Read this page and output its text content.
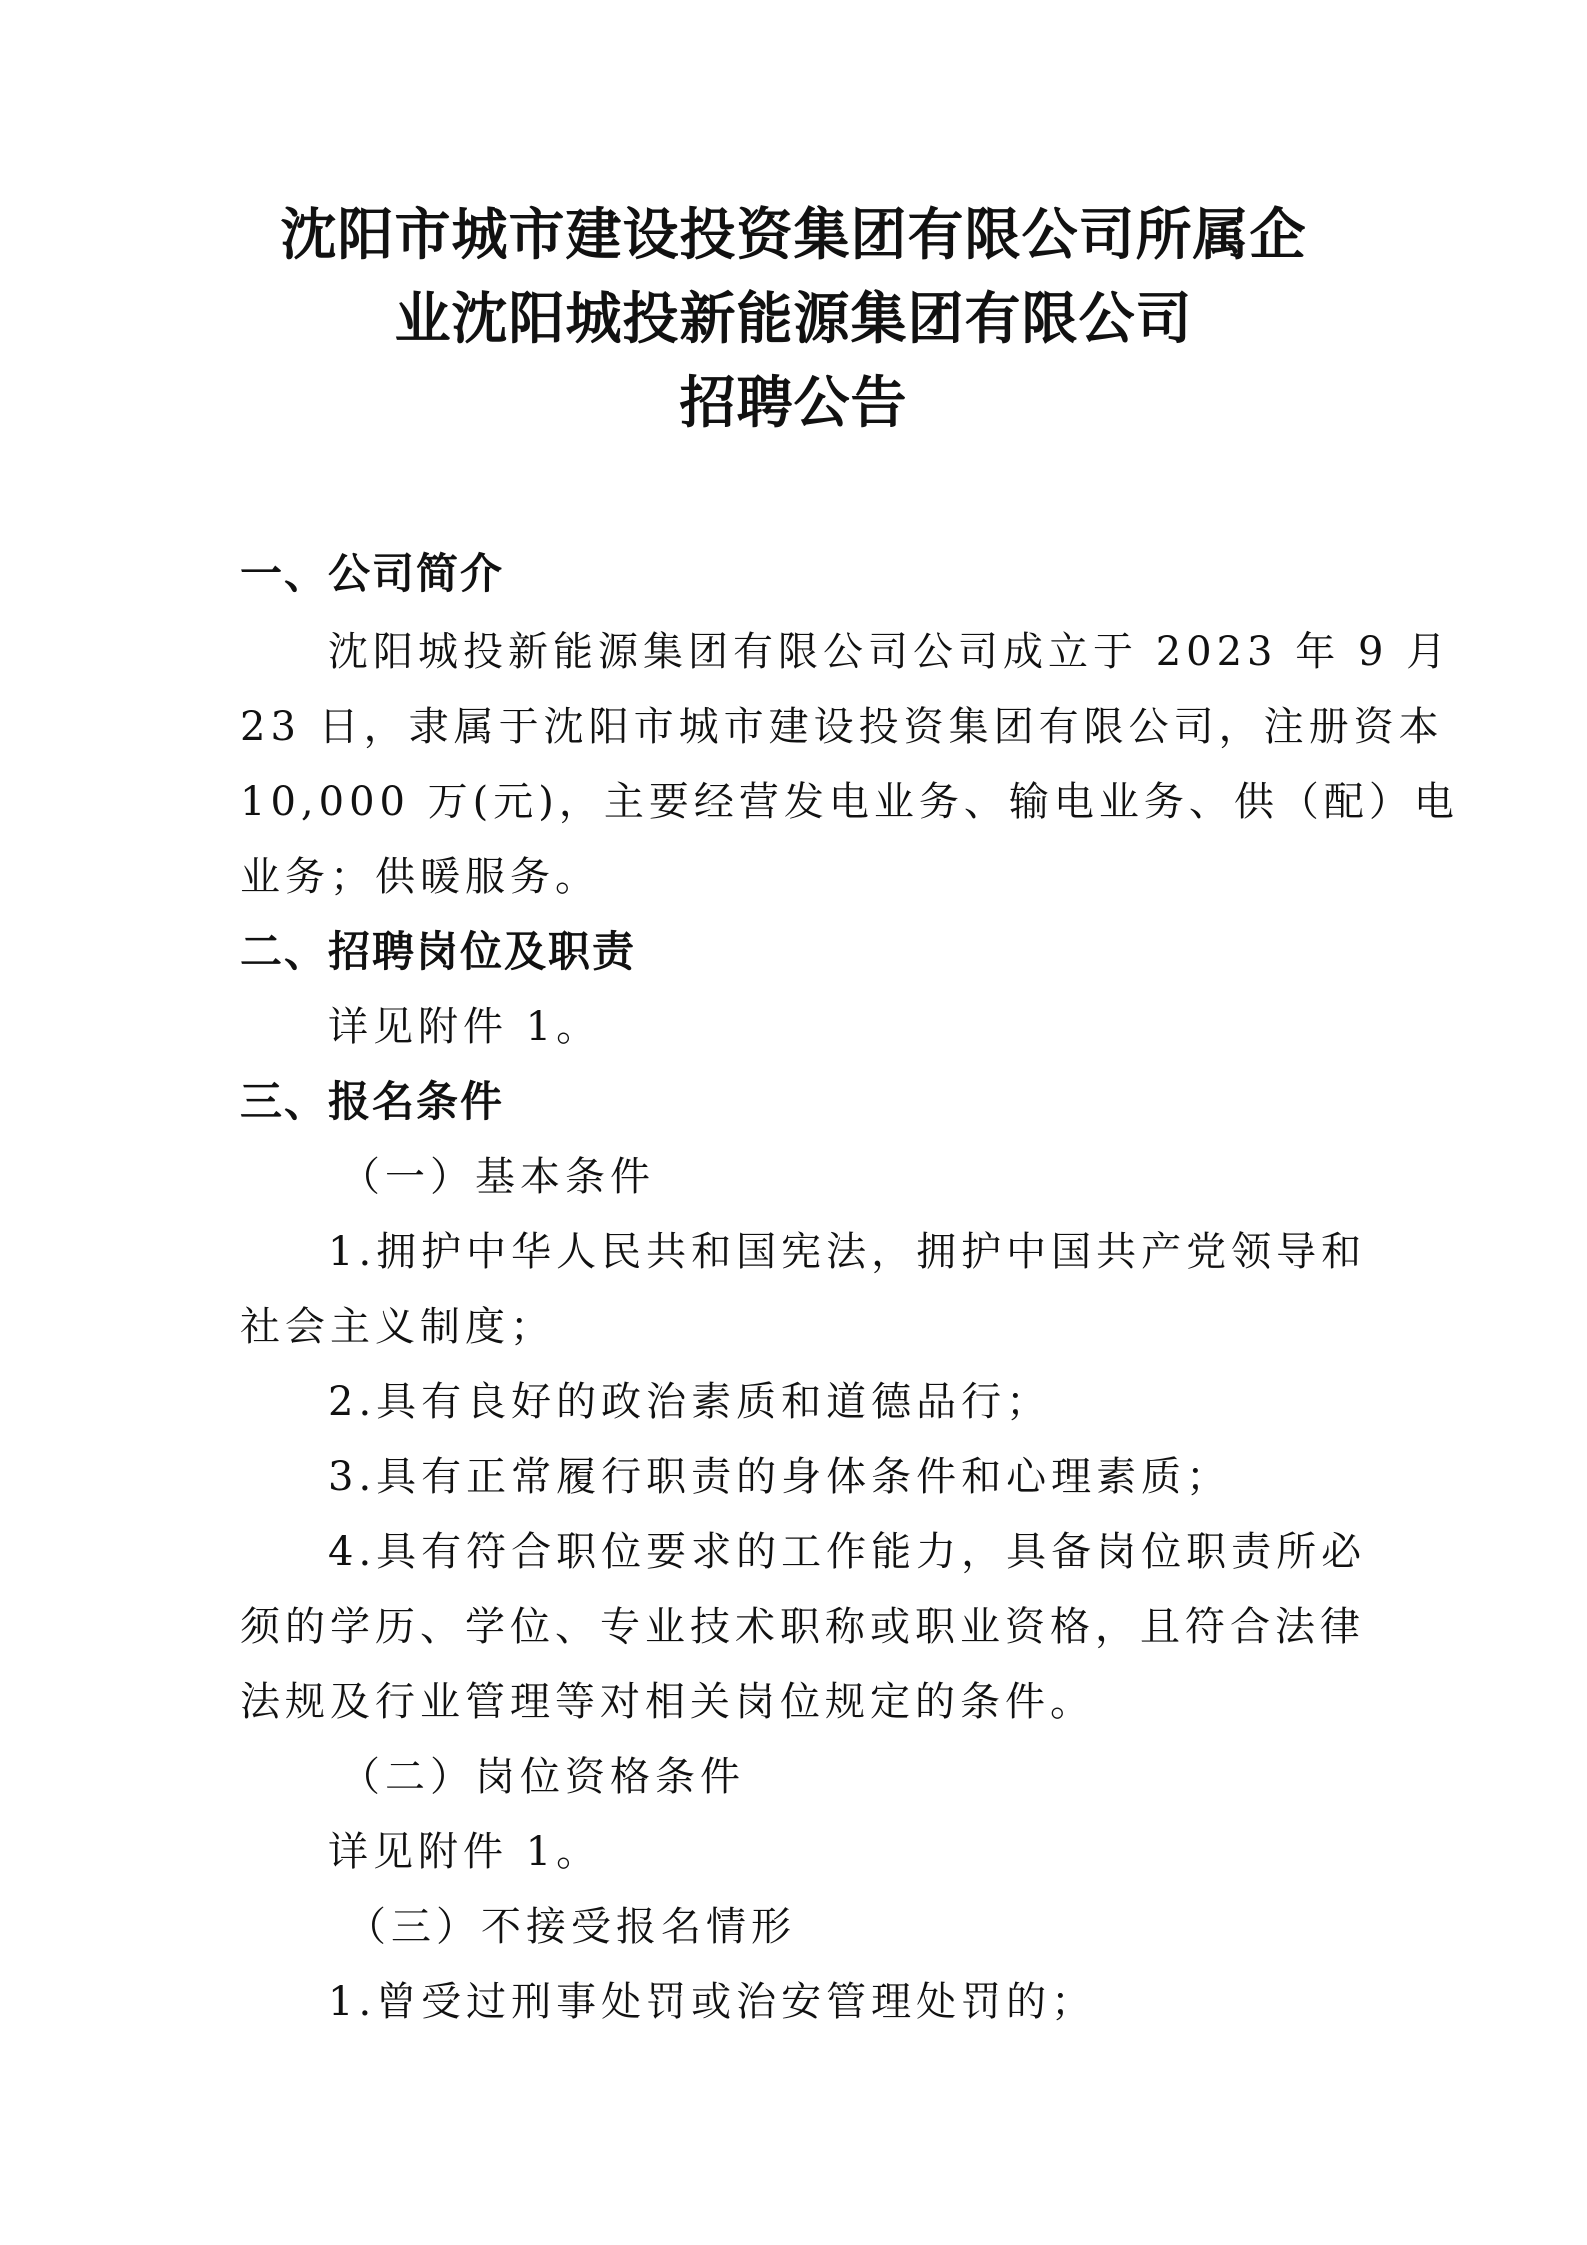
沈阳市城市建设投资集团有限公司所属企
业沈阳城投新能源集团有限公司
招聘公告
一、公司简介
沈阳城投新能源集团有限公司公司成立于 2023 年 9 月
23 日，隶属于沈阳市城市建设投资集团有限公司，注册资本
10,000 万(元)，主要经营发电业务、输电业务、供（配）电
业务；供暖服务。
二、招聘岗位及职责
详见附件 1。
三、报名条件
（一）基本条件
1.拥护中华人民共和国宪法，拥护中国共产党领导和
社会主义制度；
2.具有良好的政治素质和道德品行；
3.具有正常履行职责的身体条件和心理素质；
4.具有符合职位要求的工作能力，具备岗位职责所必
须的学历、学位、专业技术职称或职业资格，且符合法律
法规及行业管理等对相关岗位规定的条件。
（二）岗位资格条件
详见附件 1。
（三）不接受报名情形
1.曾受过刑事处罚或治安管理处罚的；
